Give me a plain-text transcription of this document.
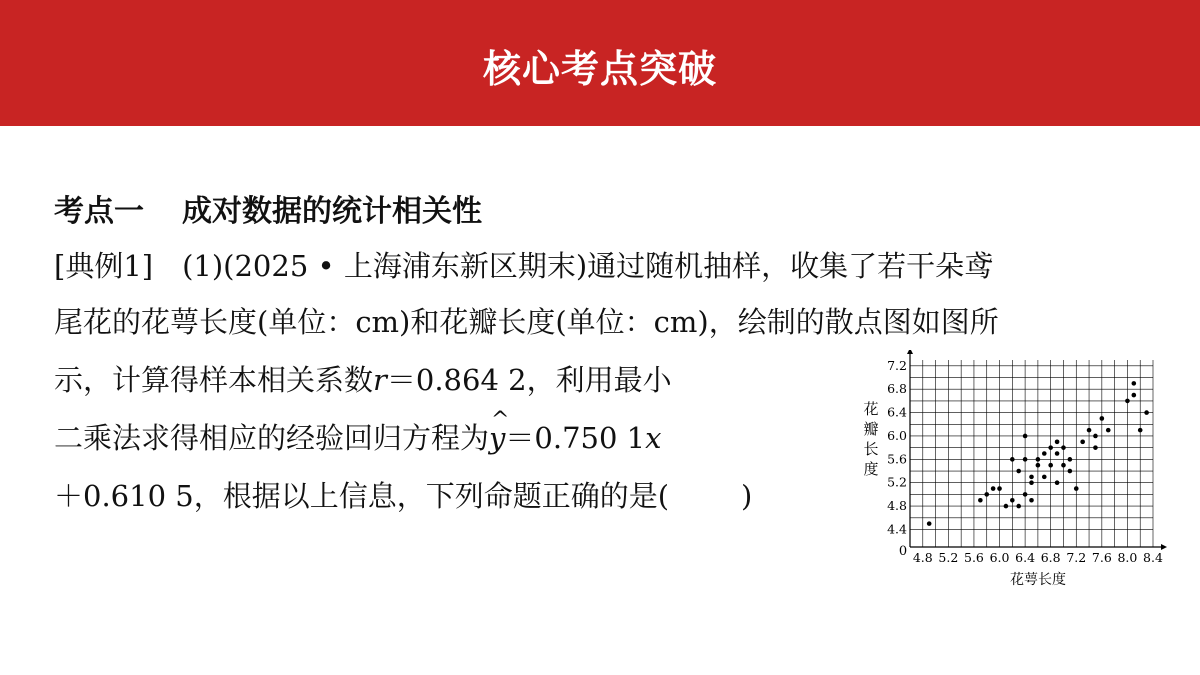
核心考点突破
考点一 成对数据的统计相关性
[典例1]　(1)(2025 • 上海浦东新区期末)通过随机抽样，收集了若干朵鸢
尾花的花萼长度(单位：cm)和花瓣长度(单位：cm)，绘制的散点图如图所
示，计算得样本相关系数r＝0.864 2，利用最小
二乘法求得相应的经验回归方程为^ y＝0.750 1x
＋0.610 5，根据以上信息，下列命题正确的是( )
4.8 5.2 5.6 6.0 6.4 6.8 7.2 7.6 8.0 8.4
4.4
4.8
5.2
5.6
6.0
6.4
6.8
7.2
0
花萼长度
花
瓣
长
度
